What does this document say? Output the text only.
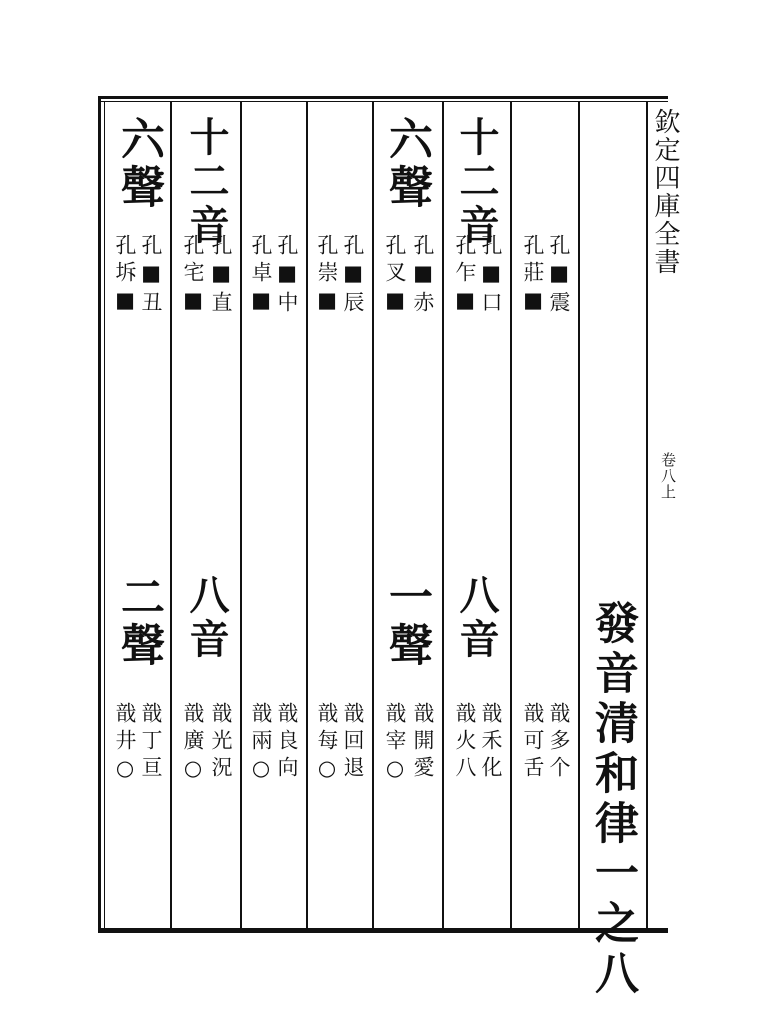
欽定四庫全書
卷八上
發音清和律一之八
孔■震
孔莊■
戠多个
戠可舌
十二音
孔■口
孔乍■
八音
戠禾化
戠火八
六聲
孔■赤
孔叉■
一聲
戠開愛
戠宰○
孔■辰
孔崇■
戠回退
戠每○
孔■中
孔卓■
戠良向
戠兩○
十二音
孔■直
孔宅■
八音
戠光況
戠廣○
六聲
孔■丑
孔坼■
二聲
戠丁亘
戠井○
